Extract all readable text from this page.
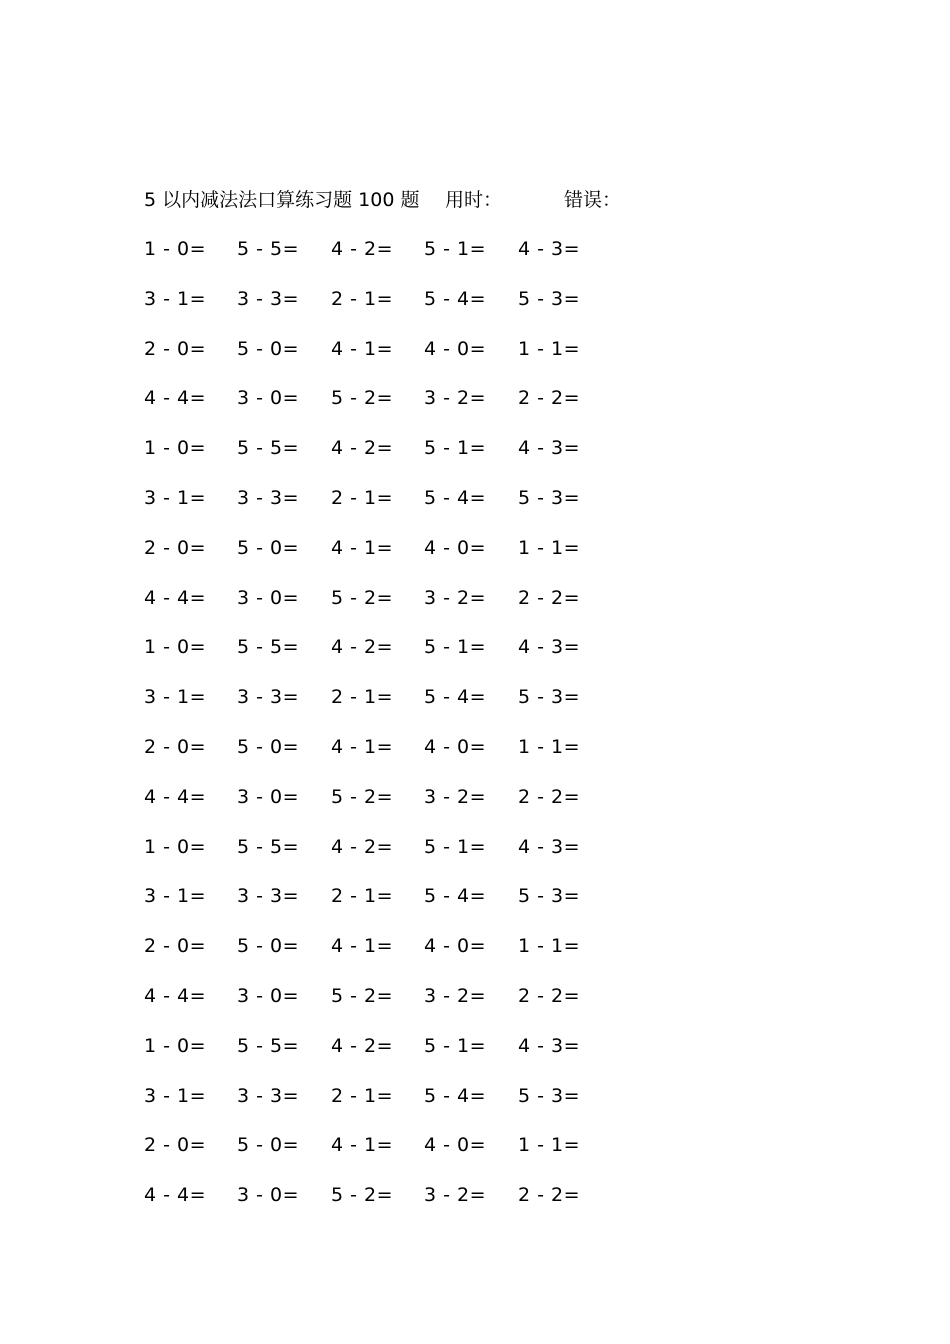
5 以内减法法口算练习题 100 题 用时：	错误：
1 - 0= 5 - 5= 4 - 2= 5 - 1= 4 - 3=
3 - 1= 3 - 3= 2 - 1= 5 - 4= 5 - 3=
2 - 0= 5 - 0= 4 - 1= 4 - 0= 1 - 1=
4 - 4= 3 - 0= 5 - 2= 3 - 2= 2 - 2=
1 - 0= 5 - 5= 4 - 2= 5 - 1= 4 - 3=
3 - 1= 3 - 3= 2 - 1= 5 - 4= 5 - 3=
2 - 0= 5 - 0= 4 - 1= 4 - 0= 1 - 1=
4 - 4= 3 - 0= 5 - 2= 3 - 2= 2 - 2=
1 - 0= 5 - 5= 4 - 2= 5 - 1= 4 - 3=
3 - 1= 3 - 3= 2 - 1= 5 - 4= 5 - 3=
2 - 0= 5 - 0= 4 - 1= 4 - 0= 1 - 1=
4 - 4= 3 - 0= 5 - 2= 3 - 2= 2 - 2=
1 - 0= 5 - 5= 4 - 2= 5 - 1= 4 - 3=
3 - 1= 3 - 3= 2 - 1= 5 - 4= 5 - 3=
2 - 0= 5 - 0= 4 - 1= 4 - 0= 1 - 1=
4 - 4= 3 - 0= 5 - 2= 3 - 2= 2 - 2=
1 - 0= 5 - 5= 4 - 2= 5 - 1= 4 - 3=
3 - 1= 3 - 3= 2 - 1= 5 - 4= 5 - 3=
2 - 0= 5 - 0= 4 - 1= 4 - 0= 1 - 1=
4 - 4= 3 - 0= 5 - 2= 3 - 2= 2 - 2=
